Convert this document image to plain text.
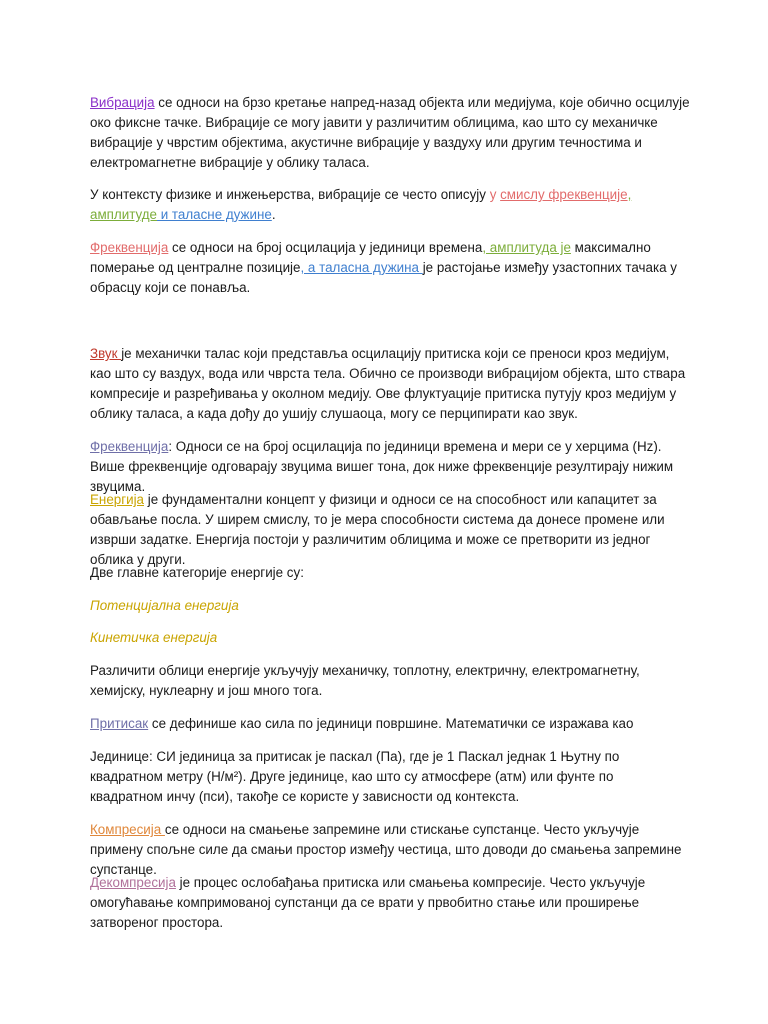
Вибрација се односи на брзо кретање напред-назад објекта или медијума, које обично осцилује око фиксне тачке. Вибрације се могу јавити у различитим облицима, као што су механичке вибрације у чврстим објектима, акустичне вибрације у ваздуху или другим течностима и електромагнетне вибрације у облику таласа.

У контексту физике и инжењерства, вибрације се често описују у смислу фреквенције, амплитуде и таласне дужине.

Фреквенција се односи на број осцилација у јединици времена, амплитуда је максимално померање од централне позиције, а таласна дужина је растојање између узастопних тачака у обрасцу који се понавља.

Звук је механички талас који представља осцилацију притиска који се преноси кроз медијум, као што су ваздух, вода или чврста тела. Обично се производи вибрацијом објекта, што ствара компресије и разређивања у околном медију. Ове флуктуације притиска путују кроз медијум у облику таласа, а када дођу до ушију слушаоца, могу се перципирати као звук.

Фреквенција: Односи се на број осцилација по јединици времена и мери се у херцима (Hz). Више фреквенције одговарају звуцима вишег тона, док ниже фреквенције резултирају нижим звуцима.

Енергија је фундаментални концепт у физици и односи се на способност или капацитет за обављање посла. У ширем смислу, то је мера способности система да донесе промене или изврши задатке. Енергија постоји у различитим облицима и може се претворити из једног облика у други.

Две главне категорије енергије су:

Потенцијална енергија

Кинетичка енергија

Различити облици енергије укључују механичку, топлотну, електричну, електромагнетну, хемијску, нуклеарну и још много тога.

Притисак се дефинише као сила по јединици површине. Математички се изражава као

Јединице: СИ јединица за притисак је паскал (Па), где је 1 Паскал једнак 1 Њутну по квадратном метру (Н/м²). Друге јединице, као што су атмосфере (атм) или фунте по квадратном инчу (пси), такође се користе у зависности од контекста.

Компресија се односи на смањење запремине или стискање супстанце. Често укључује примену спољне силе да смањи простор између честица, што доводи до смањења запремине супстанце.

Декомпресија је процес ослобађања притиска или смањења компресије. Често укључује омогућавање компримованој супстанци да се врати у првобитно стање или проширење затвореног простора.
